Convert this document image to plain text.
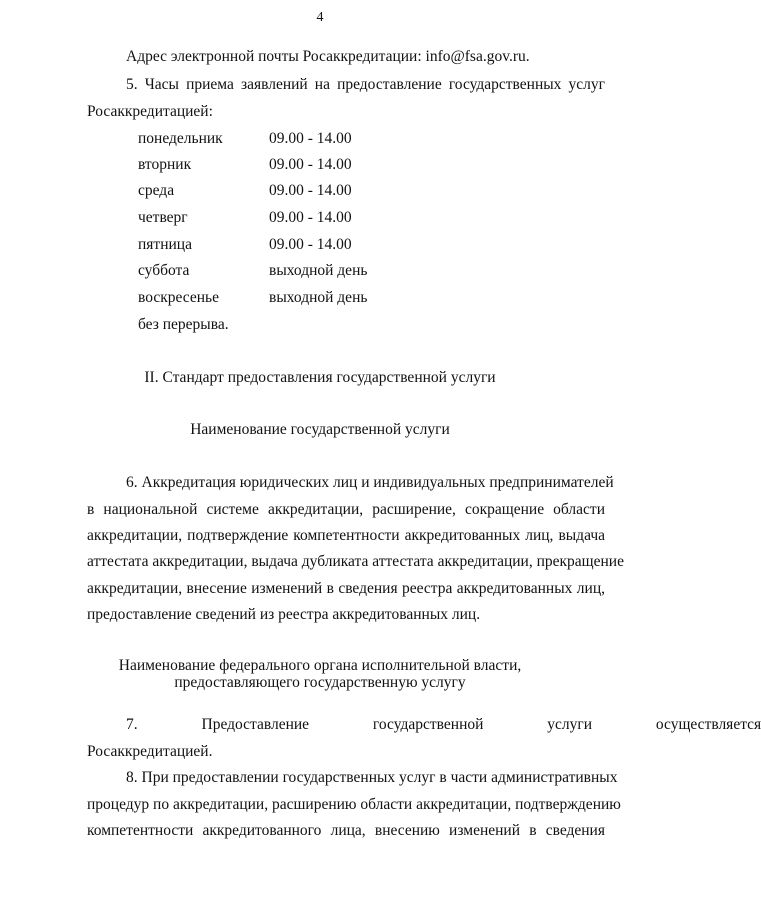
4
Адрес электронной почты Росаккредитации: info@fsa.gov.ru.
5. Часы приема заявлений на предоставление государственных услуг
Росаккредитацией:
понедельник	09.00 - 14.00
вторник	09.00 - 14.00
среда	09.00 - 14.00
четверг	09.00 - 14.00
пятница	09.00 - 14.00
суббота	выходной день
воскресенье	выходной день
без перерыва.
II. Стандарт предоставления государственной услуги
Наименование государственной услуги
6. Аккредитация юридических лиц и индивидуальных предпринимателей
в национальной системе аккредитации, расширение, сокращение области
аккредитации, подтверждение компетентности аккредитованных лиц, выдача
аттестата аккредитации, выдача дубликата аттестата аккредитации, прекращение
аккредитации, внесение изменений в сведения реестра аккредитованных лиц,
предоставление сведений из реестра аккредитованных лиц.
Наименование федерального органа исполнительной власти,
предоставляющего государственную услугу
7. Предоставление государственной услуги осуществляется
Росаккредитацией.
8. При предоставлении государственных услуг в части административных
процедур по аккредитации, расширению области аккредитации, подтверждению
компетентности аккредитованного лица, внесению изменений в сведения
